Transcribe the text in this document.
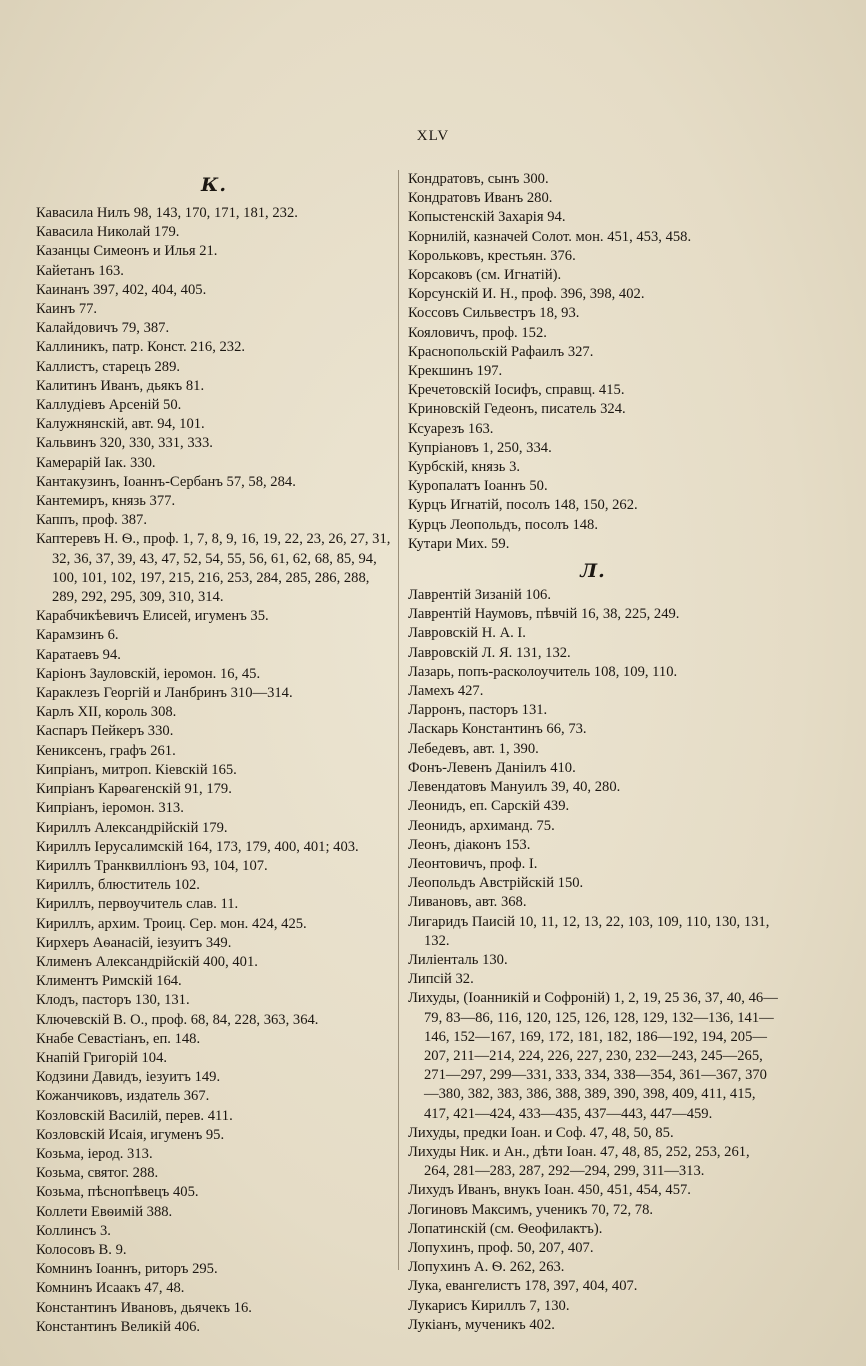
XLV
К.
Кавасила Нилъ 98, 143, 170, 171, 181, 232.
Кавасила Николай 179.
Казанцы Симеонъ и Илья 21.
Кайетанъ 163.
Каинанъ 397, 402, 404, 405.
Каинъ 77.
Калайдовичъ 79, 387.
Каллиникъ, патр. Конст. 216, 232.
Каллистъ, старецъ 289.
Калитинъ Иванъ, дьякъ 81.
Каллудіевъ Арсеній 50.
Калужнянскій, авт. 94, 101.
Кальвинъ 320, 330, 331, 333.
Камерарій Іак. 330.
Кантакузинъ, Іоаннъ-Сербанъ 57, 58, 284.
Кантемиръ, князь 377.
Каппъ, проф. 387.
Каптеревъ Н. Ѳ., проф. 1, 7, 8, 9, 16, 19, 22, 23, 26, 27, 31, 32, 36, 37, 39, 43, 47, 52, 54, 55, 56, 61, 62, 68, 85, 94, 100, 101, 102, 197, 215, 216, 253, 284, 285, 286, 288, 289, 292, 295, 309, 310, 314.
Карабчикѣевичъ Елисей, игуменъ 35.
Карамзинъ 6.
Каратаевъ 94.
Каріонъ Зауловскій, іеромон. 16, 45.
Караклезъ Георгій и Ланбринъ 310—314.
Карлъ XII, король 308.
Каспаръ Пейкеръ 330.
Кениксенъ, графъ 261.
Кипріанъ, митроп. Кіевскій 165.
Кипріанъ Карѳагенскій 91, 179.
Кипріанъ, іеромон. 313.
Кириллъ Александрійскій 179.
Кириллъ Іерусалимскій 164, 173, 179, 400, 401; 403.
Кириллъ Транквилліонъ 93, 104, 107.
Кириллъ, блюститель 102.
Кириллъ, первоучитель слав. 11.
Кириллъ, архим. Троиц. Сер. мон. 424, 425.
Кирхеръ Аѳанасій, іезуитъ 349.
Клименъ Александрійскій 400, 401.
Климентъ Римскій 164.
Клодъ, пасторъ 130, 131.
Ключевскій В. О., проф. 68, 84, 228, 363, 364.
Кнабе Севастіанъ, еп. 148.
Кнапій Григорій 104.
Кодзини Давидъ, іезуитъ 149.
Кожанчиковъ, издатель 367.
Козловскій Василій, перев. 411.
Козловскій Исаія, игуменъ 95.
Козьма, іерод. 313.
Козьма, святог. 288.
Козьма, пѣснопѣвецъ 405.
Коллети Евѳимій 388.
Коллинсъ 3.
Колосовъ В. 9.
Комнинъ Іоаннъ, риторъ 295.
Комнинъ Исаакъ 47, 48.
Константинъ Ивановъ, дьячекъ 16.
Константинъ Великій 406.
Кондратовъ, сынъ 300.
Кондратовъ Иванъ 280.
Копыстенскій Захарія 94.
Корнилій, казначей Солот. мон. 451, 453, 458.
Корольковъ, крестьян. 376.
Корсаковъ (см. Игнатій).
Корсунскій И. Н., проф. 396, 398, 402.
Коссовъ Сильвестръ 18, 93.
Кояловичъ, проф. 152.
Краснопольскій Рафаилъ 327.
Крекшинъ 197.
Кречетовскій Іосифъ, справщ. 415.
Криновскій Гедеонъ, писатель 324.
Ксуарезъ 163.
Купріановъ 1, 250, 334.
Курбскій, князь 3.
Куропалатъ Іоаннъ 50.
Курцъ Игнатій, посолъ 148, 150, 262.
Курцъ Леопольдъ, посолъ 148.
Кутари Мих. 59.
Л.
Лаврентій Зизаній 106.
Лаврентій Наумовъ, пѣвчій 16, 38, 225, 249.
Лавровскій Н. А. I.
Лавровскій Л. Я. 131, 132.
Лазарь, попъ-расколоучитель 108, 109, 110.
Ламехъ 427.
Ларронъ, пасторъ 131.
Ласкарь Константинъ 66, 73.
Лебедевъ, авт. 1, 390.
Фонъ-Левенъ Даніилъ 410.
Левендатовъ Мануилъ 39, 40, 280.
Леонидъ, еп. Сарскій 439.
Леонидъ, архиманд. 75.
Леонъ, діаконъ 153.
Леонтовичъ, проф. I.
Леопольдъ Австрійскій 150.
Ливановъ, авт. 368.
Лигаридъ Паисій 10, 11, 12, 13, 22, 103, 109, 110, 130, 131, 132.
Лиліенталь 130.
Липсій 32.
Лихуды, (Іоанникій и Софроній) 1, 2, 19, 25 36, 37, 40, 46—79, 83—86, 116, 120, 125, 126, 128, 129, 132—136, 141—146, 152—167, 169, 172, 181, 182, 186—192, 194, 205—207, 211—214, 224, 226, 227, 230, 232—243, 245—265, 271—297, 299—331, 333, 334, 338—354, 361—367, 370—380, 382, 383, 386, 388, 389, 390, 398, 409, 411, 415, 417, 421—424, 433—435, 437—443, 447—459.
Лихуды, предки Іоан. и Соф. 47, 48, 50, 85.
Лихуды Ник. и Ан., дѣти Іоан. 47, 48, 85, 252, 253, 261, 264, 281—283, 287, 292—294, 299, 311—313.
Лихудъ Иванъ, внукъ Іоан. 450, 451, 454, 457.
Логиновъ Максимъ, ученикъ 70, 72, 78.
Лопатинскій (см. Ѳеофилактъ).
Лопухинъ, проф. 50, 207, 407.
Лопухинъ А. Ѳ. 262, 263.
Лука, евангелистъ 178, 397, 404, 407.
Лукарисъ Кириллъ 7, 130.
Лукіанъ, мученикъ 402.
